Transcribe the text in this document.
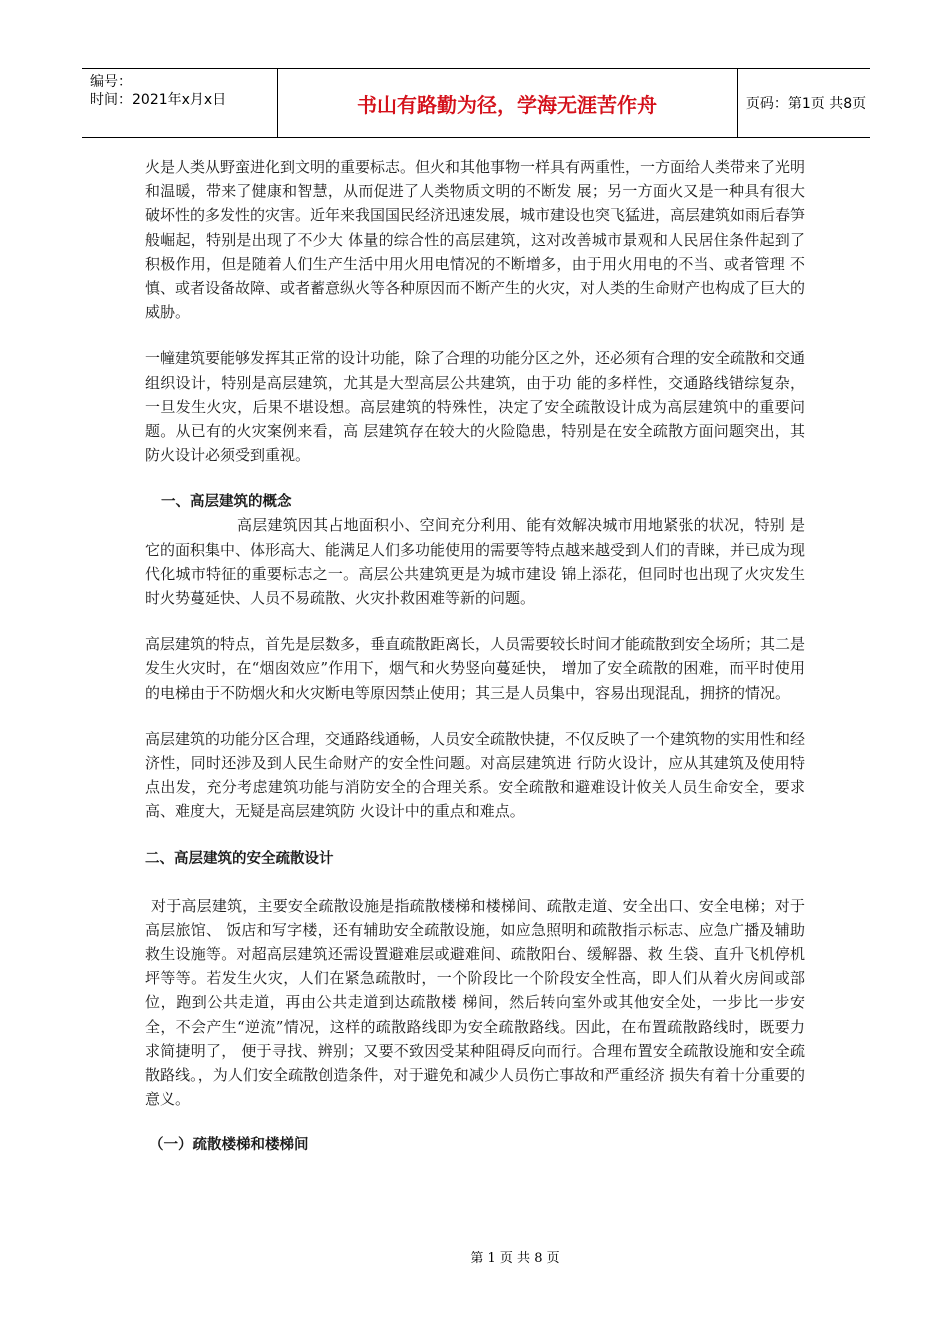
编号：
时间：2021年x月x日	书山有路勤为径，学海无涯苦作舟	页码：第1页 共8页

火是人类从野蛮进化到文明的重要标志。但火和其他事物一样具有两重性，一方面给人类带来了光明和温暖，带来了健康和智慧，从而促进了人类物质文明的不断发 展；另一方面火又是一种具有很大破坏性的多发性的灾害。近年来我国国民经济迅速发展，城市建设也突飞猛进，高层建筑如雨后春笋般崛起，特别是出现了不少大 体量的综合性的高层建筑，这对改善城市景观和人民居住条件起到了积极作用，但是随着人们生产生活中用火用电情况的不断增多，由于用火用电的不当、或者管理 不慎、或者设备故障、或者蓄意纵火等各种原因而不断产生的火灾，对人类的生命财产也构成了巨大的威胁。

一幢建筑要能够发挥其正常的设计功能，除了合理的功能分区之外，还必须有合理的安全疏散和交通组织设计，特别是高层建筑，尤其是大型高层公共建筑，由于功 能的多样性，交通路线错综复杂，一旦发生火灾，后果不堪设想。高层建筑的特殊性，决定了安全疏散设计成为高层建筑中的重要问题。从已有的火灾案例来看，高 层建筑存在较大的火险隐患，特别是在安全疏散方面问题突出，其防火设计必须受到重视。

一、高层建筑的概念

高层建筑因其占地面积小、空间充分利用、能有效解决城市用地紧张的状况，特别 是它的面积集中、体形高大、能满足人们多功能使用的需要等特点越来越受到人们的青睐，并已成为现代化城市特征的重要标志之一。高层公共建筑更是为城市建设 锦上添花，但同时也出现了火灾发生时火势蔓延快、人员不易疏散、火灾扑救困难等新的问题。

高层建筑的特点，首先是层数多，垂直疏散距离长，人员需要较长时间才能疏散到安全场所；其二是发生火灾时，在“烟囱效应”作用下，烟气和火势竖向蔓延快， 增加了安全疏散的困难，而平时使用的电梯由于不防烟火和火灾断电等原因禁止使用；其三是人员集中，容易出现混乱，拥挤的情况。

高层建筑的功能分区合理，交通路线通畅，人员安全疏散快捷，不仅反映了一个建筑物的实用性和经济性，同时还涉及到人民生命财产的安全性问题。对高层建筑进 行防火设计，应从其建筑及使用特点出发，充分考虑建筑功能与消防安全的合理关系。安全疏散和避难设计攸关人员生命安全，要求高、难度大，无疑是高层建筑防 火设计中的重点和难点。

二、高层建筑的安全疏散设计

对于高层建筑，主要安全疏散设施是指疏散楼梯和楼梯间、疏散走道、安全出口、安全电梯；对于高层旅馆、 饭店和写字楼，还有辅助安全疏散设施，如应急照明和疏散指示标志、应急广播及辅助救生设施等。对超高层建筑还需设置避难层或避难间、疏散阳台、缓解器、救 生袋、直升飞机停机坪等等。若发生火灾，人们在紧急疏散时，一个阶段比一个阶段安全性高，即人们从着火房间或部位，跑到公共走道，再由公共走道到达疏散楼 梯间，然后转向室外或其他安全处，一步比一步安全，不会产生“逆流”情况，这样的疏散路线即为安全疏散路线。因此，在布置疏散路线时，既要力求简捷明了， 便于寻找、辨别；又要不致因受某种阻碍反向而行。合理布置安全疏散设施和安全疏散路线。，为人们安全疏散创造条件，对于避免和减少人员伤亡事故和严重经济 损失有着十分重要的意义。

（一）疏散楼梯和楼梯间

第 1 页 共 8 页
